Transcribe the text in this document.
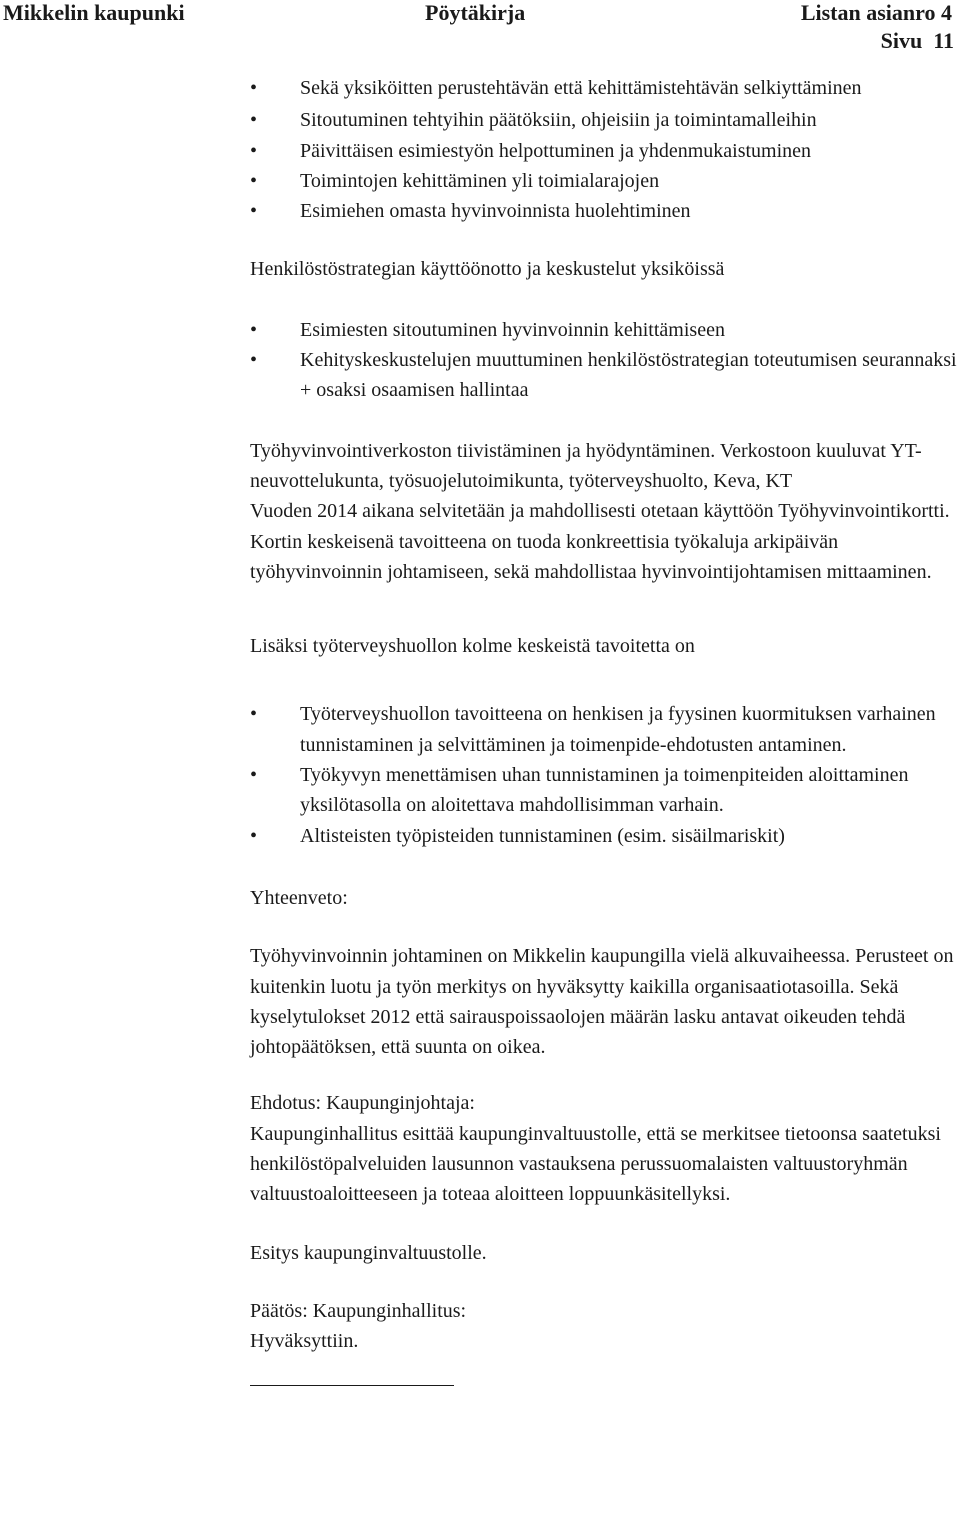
Mikkelin kaupunki	Pöytäkirja	Listan asianro 4
Sivu  11
• Sekä yksiköitten perustehtävän että kehittämistehtävän selkiyttäminen
• Sitoutuminen tehtyihin päätöksiin, ohjeisiin ja toimintamalleihin
• Päivittäisen esimiestyön helpottuminen ja yhdenmukaistuminen
• Toimintojen kehittäminen yli toimialarajojen
• Esimiehen omasta hyvinvoinnista huolehtiminen

Henkilöstöstrategian käyttöönotto ja keskustelut yksiköissä

• Esimiesten sitoutuminen hyvinvoinnin kehittämiseen
• Kehityskeskustelujen muuttuminen henkilöstöstrategian toteutumisen seurannaksi + osaksi osaamisen hallintaa

Työhyvinvointiverkoston tiivistäminen ja hyödyntäminen. Verkostoon kuuluvat YT-neuvottelukunta, työsuojelutoimikunta, työterveyshuolto, Keva, KT

Vuoden 2014 aikana selvitetään ja mahdollisesti otetaan käyttöön Työhyvinvointikortti. Kortin keskeisenä tavoitteena on tuoda konkreettisia työkaluja arkipäivän työhyvinvoinnin johtamiseen, sekä mahdollistaa hyvinvointijohtamisen mittaaminen.

Lisäksi työterveyshuollon kolme keskeistä tavoitetta on

• Työterveyshuollon tavoitteena on henkisen ja fyysinen kuormituksen varhainen tunnistaminen ja selvittäminen ja toimenpide-ehdotusten antaminen.
• Työkyvyn menettämisen uhan tunnistaminen ja toimenpiteiden aloittaminen yksilötasolla on aloitettava mahdollisimman varhain.
• Altisteisten työpisteiden tunnistaminen (esim. sisäilmariskit)

Yhteenveto:

Työhyvinvoinnin johtaminen on Mikkelin kaupungilla vielä alkuvaiheessa. Perusteet on kuitenkin luotu ja työn merkitys on hyväksytty kaikilla organisaatiotasoilla. Sekä kyselytulokset 2012 että sairauspoissaolojen määrän lasku antavat oikeuden tehdä johtopäätöksen, että suunta on oikea.

Ehdotus: Kaupunginjohtaja:

Kaupunginhallitus esittää kaupunginvaltuustolle, että se merkitsee tietoonsa saatetuksi henkilöstöpalveluiden lausunnon vastauksena perussuomalaisten valtuustoryhmän valtuustoaloitteeseen ja toteaa aloitteen loppuunkäsitellyksi.

Esitys kaupunginvaltuustolle.

Päätös: Kaupunginhallitus:

Hyväksyttiin.
